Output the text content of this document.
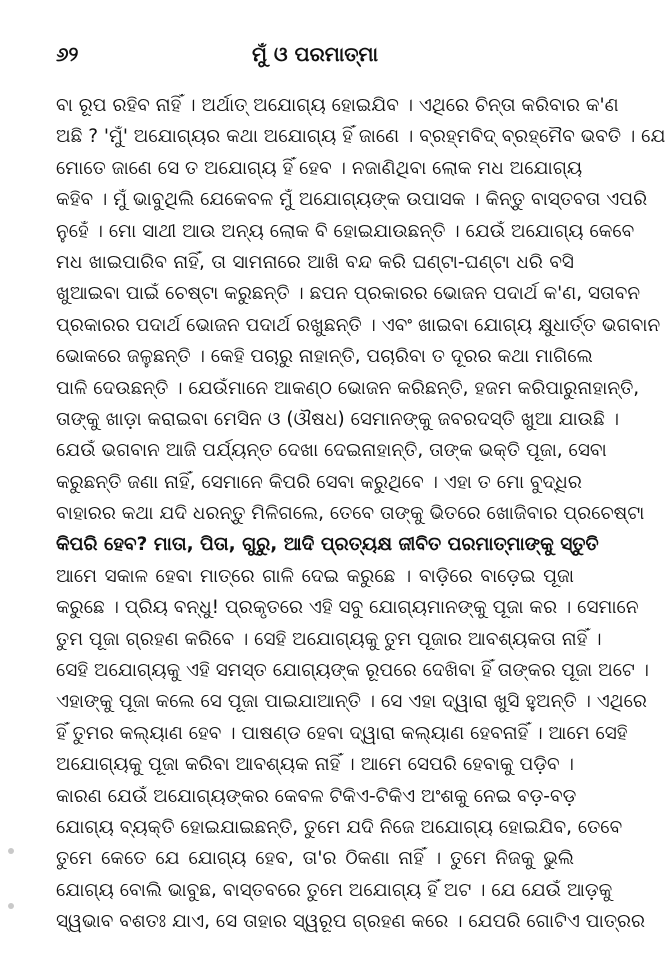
୬୨	ମୁଁ ଓ ପରମାତ୍ମା
ବା ରୂପ ରହିବ ନାହିଁ । ଅର୍ଥାତ୍ ଅଯୋଗ୍ୟ ହୋଇଯିବ । ଏଥିରେ ଚିନ୍ତା କରିବାର କ'ଣ
ଅଛି ? 'ମୁଁ' ଅଯୋଗ୍ୟର କଥା ଅଯୋଗ୍ୟ ହିଁ ଜାଣେ । ବ୍ରହ୍ମବିଦ୍ ବ୍ରହ୍ମୈବ ଭବତି । ଯେ
ମୋତେ ଜାଣେ ସେ ତ ଅଯୋଗ୍ୟ ହିଁ ହେବ । ନଜାଣିଥିବା ଲୋକ ମଧ ଅଯୋଗ୍ୟ
କହିବ । ମୁଁ ଭାବୁଥିଲି ଯେକେବଳ ମୁଁ ଅଯୋଗ୍ୟଙ୍କ ଉପାସକ । କିନ୍ତୁ ବାସ୍ତବତା ଏପରି
ନୁହେଁ । ମୋ ସାଥୀ ଆଉ ଅନ୍ୟ ଲୋକ ବି ହୋଇଯାଉଛନ୍ତି । ଯେଉଁ ଅଯୋଗ୍ୟ କେବେ
ମଧ ଖାଇପାରିବ ନାହିଁ, ତା ସାମନାରେ ଆଖି ବନ୍ଦ କରି ଘଣ୍ଟା-ଘଣ୍ଟା ଧରି ବସି
ଖୁଆଇବା ପାଇଁ ଚେଷ୍ଟା କରୁଛନ୍ତି । ଛପନ ପ୍ରକାରର ଭୋଜନ ପଦାର୍ଥ କ'ଣ, ସତାବନ
ପ୍ରକାରର ପଦାର୍ଥ ଭୋଜନ ପଦାର୍ଥ ରଖୁଛନ୍ତି । ଏବଂ ଖାଇବା ଯୋଗ୍ୟ କ୍ଷୁଧାର୍ତ୍ତ ଭଗବାନ
ଭୋକରେ ଜଳୁଛନ୍ତି । କେହି ପଚାରୁ ନାହାନ୍ତି, ପଚାରିବା ତ ଦୂରର କଥା ମାଗିଲେ
ପାଳି ଦେଉଛନ୍ତି । ଯେଉଁମାନେ ଆକଣ୍ଠ ଭୋଜନ କରିଛନ୍ତି, ହଜମ କରିପାରୁନାହାନ୍ତି,
ତାଙ୍କୁ ଖାଡ଼ା କରାଇବା ମେସିନ ଓ (ଔଷଧ) ସେମାନଙ୍କୁ ଜବରଦସ୍ତି ଖୁଆ ଯାଉଛି ।
ଯେଉଁ ଭଗବାନ ଆଜି ପର୍ଯ୍ୟନ୍ତ ଦେଖା ଦେଇନାହାନ୍ତି, ତାଙ୍କ ଭକ୍ତି ପୂଜା, ସେବା
କରୁଛନ୍ତି ଜଣା ନାହିଁ, ସେମାନେ କିପରି ସେବା କରୁଥିବେ । ଏହା ତ ମୋ ବୁଦ୍ଧିର
ବାହାରର କଥା ଯଦି ଧରନ୍ତୁ ମିଳିଗଲେ, ତେବେ ତାଙ୍କୁ ଭିତରେ ଖୋଜିବାର ପ୍ରଚେଷ୍ଟା
କିପରି ହେବ? ମାତା, ପିତା, ଗୁରୁ, ଆଦି ପ୍ରତ୍ୟକ୍ଷ ଜୀବିତ ପରମାତ୍ମାଙ୍କୁ ସ୍ତୁତି
ଆମେ ସକାଳ ହେବା ମାତ୍ରେ ଗାଳି ଦେଇ କରୁଛେ । ବାଡ଼ିରେ ବାଡ଼େଇ ପୂଜା
କରୁଛେ । ପ୍ରିୟ ବନ୍ଧୁ! ପ୍ରକୃତରେ ଏହି ସବୁ ଯୋଗ୍ୟମାନଙ୍କୁ ପୂଜା କର । ସେମାନେ
ତୁମ ପୂଜା ଗ୍ରହଣ କରିବେ । ସେହି ଅଯୋଗ୍ୟକୁ ତୁମ ପୂଜାର ଆବଶ୍ୟକତା ନାହିଁ ।
ସେହି ଅଯୋଗ୍ୟକୁ ଏହି ସମସ୍ତ ଯୋଗ୍ୟଙ୍କ ରୂପରେ ଦେଖିବା ହିଁ ତାଙ୍କର ପୂଜା ଅଟେ ।
ଏହାଙ୍କୁ ପୂଜା କଲେ ସେ ପୂଜା ପାଇଯାଆନ୍ତି । ସେ ଏହା ଦ୍ୱାରା ଖୁସି ହୁଅନ୍ତି । ଏଥିରେ
ହିଁ ତୁମର କଲ୍ୟାଣ ହେବ । ପାଷଣ୍ଡ ହେବା ଦ୍ୱାରା କଲ୍ୟାଣ ହେବନାହିଁ । ଆମେ ସେହି
ଅଯୋଗ୍ୟକୁ ପୂଜା କରିବା ଆବଶ୍ୟକ ନାହିଁ । ଆମେ ସେପରି ହେବାକୁ ପଡ଼ିବ ।
କାରଣ ଯେଉଁ ଅଯୋଗ୍ୟଙ୍କର କେବଳ ଟିକିଏ-ଟିକିଏ ଅଂଶକୁ ନେଇ ବଡ଼-ବଡ଼
ଯୋଗ୍ୟ ବ୍ୟକ୍ତି ହୋଇଯାଇଛନ୍ତି, ତୁମେ ଯଦି ନିଜେ ଅଯୋଗ୍ୟ ହୋଇଯିବ, ତେବେ
ତୁମେ କେତେ ଯେ ଯୋଗ୍ୟ ହେବ, ତା'ର ଠିକଣା ନାହିଁ । ତୁମେ ନିଜକୁ ଭୁଲି
ଯୋଗ୍ୟ ବୋଲି ଭାବୁଛ, ବାସ୍ତବରେ ତୁମେ ଅଯୋଗ୍ୟ ହିଁ ଅଟ । ଯେ ଯେଉଁ ଆଡ଼କୁ
ସ୍ୱଭାବ ବଶତଃ ଯାଏ, ସେ ତାହାର ସ୍ୱରୂପ ଗ୍ରହଣ କରେ । ଯେପରି ଗୋଟିଏ ପାତ୍ରର
